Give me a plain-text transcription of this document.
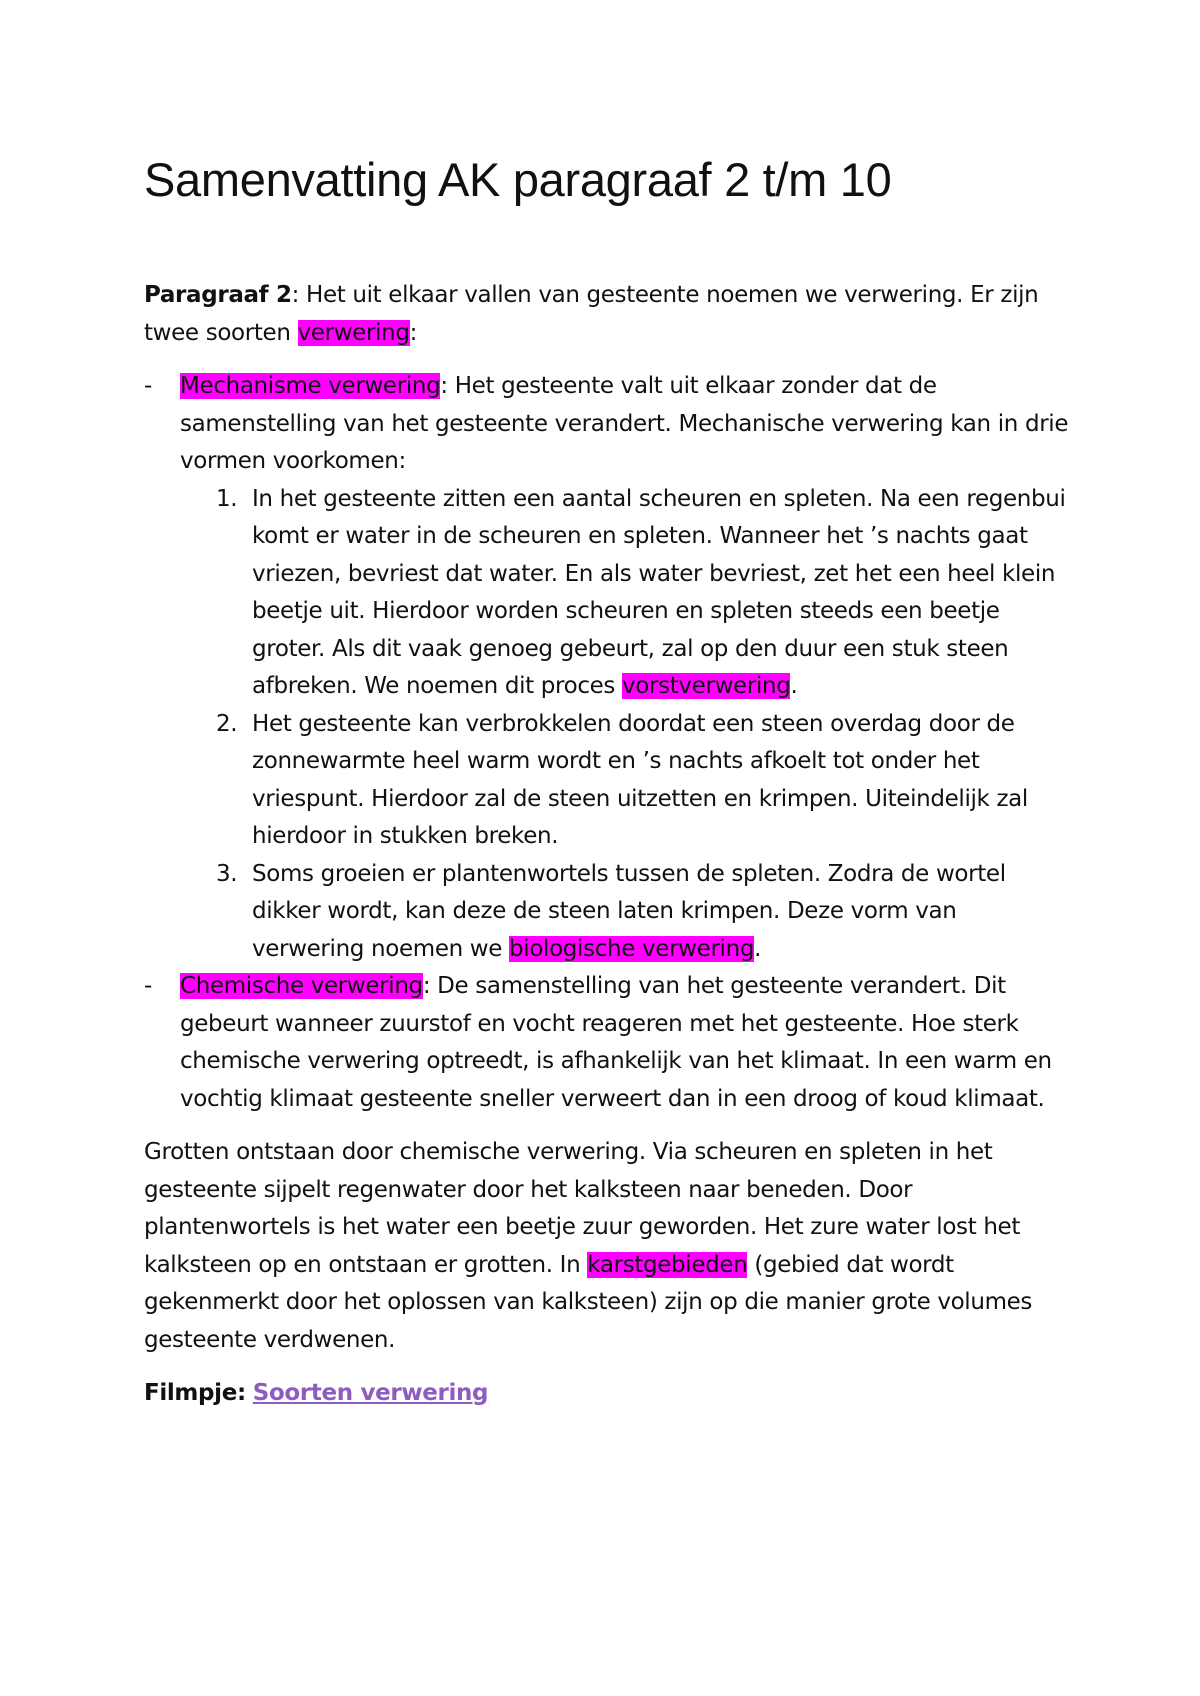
Samenvatting AK paragraaf 2 t/m 10

Paragraaf 2: Het uit elkaar vallen van gesteente noemen we verwering. Er zijn twee soorten verwering:

- Mechanisme verwering: Het gesteente valt uit elkaar zonder dat de samenstelling van het gesteente verandert. Mechanische verwering kan in drie vormen voorkomen:

1. In het gesteente zitten een aantal scheuren en spleten. Na een regenbui komt er water in de scheuren en spleten. Wanneer het ’s nachts gaat vriezen, bevriest dat water. En als water bevriest, zet het een heel klein beetje uit. Hierdoor worden scheuren en spleten steeds een beetje groter. Als dit vaak genoeg gebeurt, zal op den duur een stuk steen afbreken. We noemen dit proces vorstverwering.
2. Het gesteente kan verbrokkelen doordat een steen overdag door de zonnewarmte heel warm wordt en ’s nachts afkoelt tot onder het vriespunt. Hierdoor zal de steen uitzetten en krimpen. Uiteindelijk zal hierdoor in stukken breken.
3. Soms groeien er plantenwortels tussen de spleten. Zodra de wortel dikker wordt, kan deze de steen laten krimpen. Deze vorm van verwering noemen we biologische verwering.
- Chemische verwering: De samenstelling van het gesteente verandert. Dit gebeurt wanneer zuurstof en vocht reageren met het gesteente. Hoe sterk chemische verwering optreedt, is afhankelijk van het klimaat. In een warm en vochtig klimaat gesteente sneller verweert dan in een droog of koud klimaat.

Grotten ontstaan door chemische verwering. Via scheuren en spleten in het gesteente sijpelt regenwater door het kalksteen naar beneden. Door plantenwortels is het water een beetje zuur geworden. Het zure water lost het kalksteen op en ontstaan er grotten. In karstgebieden (gebied dat wordt gekenmerkt door het oplossen van kalksteen) zijn op die manier grote volumes gesteente verdwenen.

Filmpje: Soorten verwering
